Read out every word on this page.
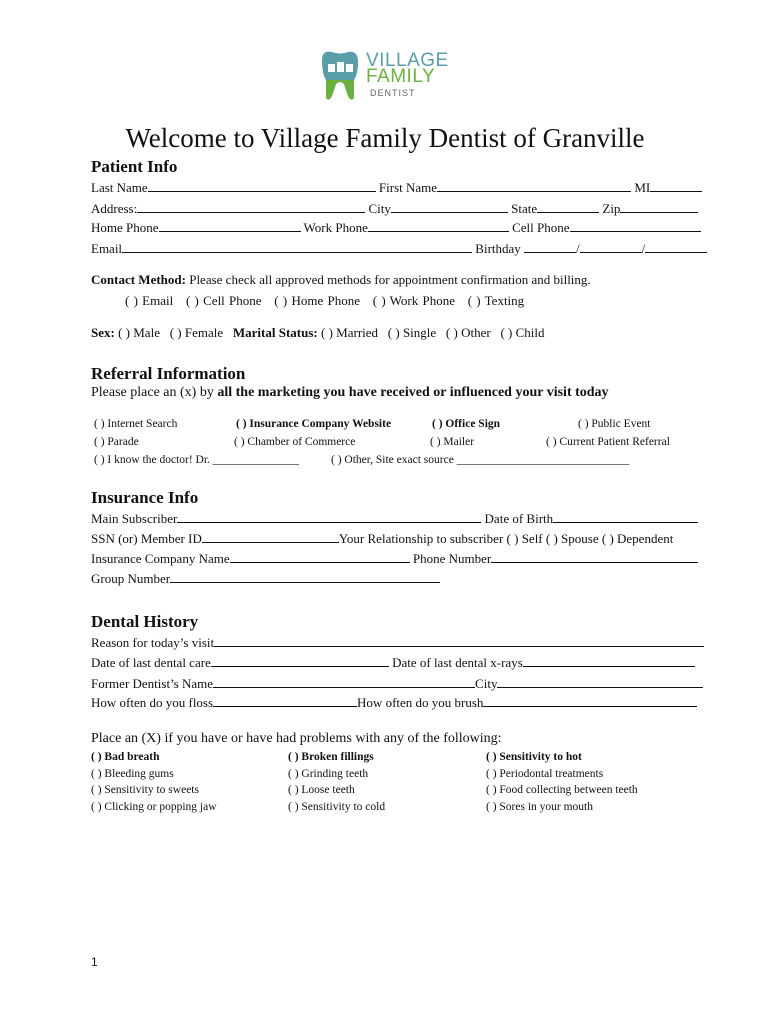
VILLAGE
FAMILY
DENTIST
Welcome to Village Family Dentist of Granville
Patient Info
Last Name	First Name	MI
Address:	City	State	Zip
Home Phone	Work Phone	Cell Phone
Email	Birthday	/	/
Contact Method: Please check all approved methods for appointment confirmation and billing.
( ) Email ( ) Cell Phone ( ) Home Phone ( ) Work Phone ( ) Texting
Sex: ( ) Male ( ) Female Marital Status: ( ) Married ( ) Single ( ) Other ( ) Child
Referral Information
Please place an (x) by all the marketing you have received or influenced your visit today
( ) Internet Search	( ) Insurance Company Website	( ) Office Sign	( ) Public Event
( ) Parade	( ) Chamber of Commerce	( ) Mailer	( ) Current Patient Referral
( ) I know the doctor! Dr. _______________	( ) Other, Site exact source ______________________________
Insurance Info
Main Subscriber	Date of Birth
SSN (or) Member ID	Your Relationship to subscriber ( ) Self ( ) Spouse ( ) Dependent
Insurance Company Name	Phone Number
Group Number
Dental History
Reason for today’s visit
Date of last dental care	Date of last dental x-rays
Former Dentist’s Name	City
How often do you floss	How often do you brush
Place an (X) if you have or have had problems with any of the following:
( ) Bad breath
( ) Bleeding gums
( ) Sensitivity to sweets
( ) Clicking or popping jaw
( ) Broken fillings
( ) Grinding teeth
( ) Loose teeth
( ) Sensitivity to cold
( ) Sensitivity to hot
( ) Periodontal treatments
( ) Food collecting between teeth
( ) Sores in your mouth
1
